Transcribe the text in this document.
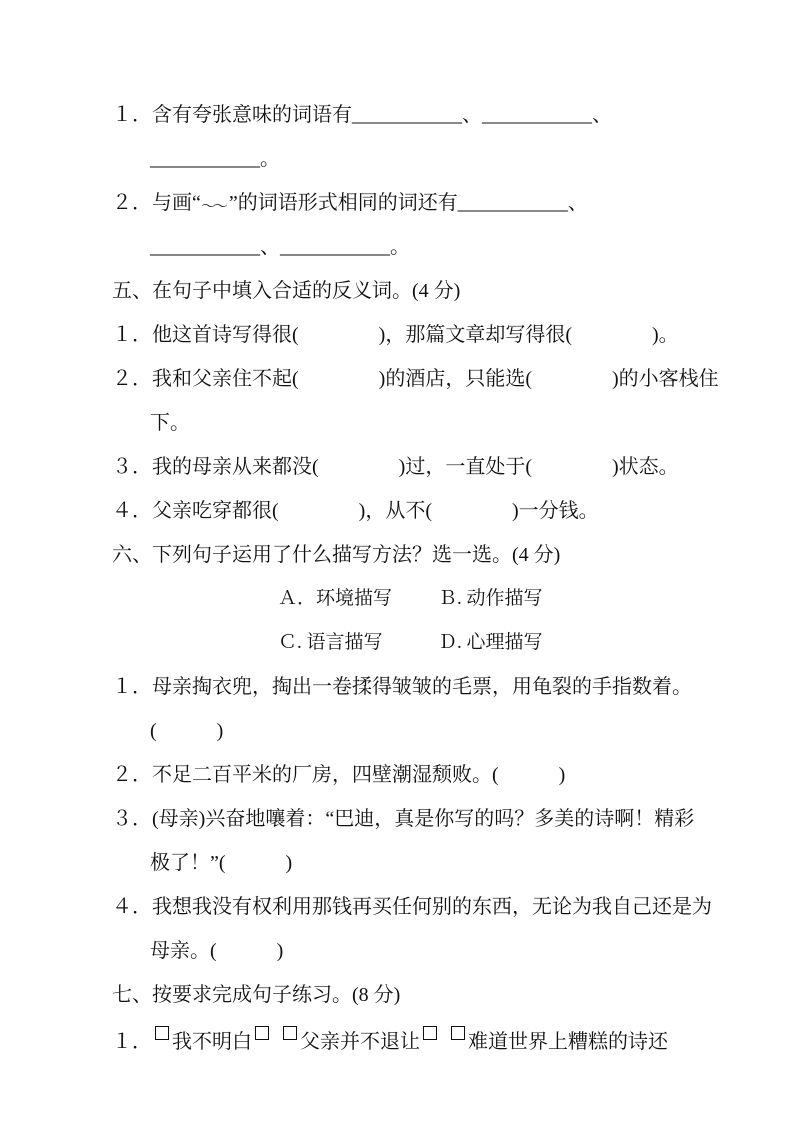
１．含有夸张意味的词语有___________、___________、
___________。
２．与画“～～ ”的词语形式相同的词还有___________、
___________、___________。
五、在句子中填入合适的反义词。(4 分)
１．他这首诗写得很(　　　　)，那篇文章却写得很(　　　　)。
２．我和父亲住不起(　　　　)的酒店，只能选(　　　　)的小客栈住
下。
３．我的母亲从来都没(　　　　)过，一直处于(　　　　)状态。
４．父亲吃穿都很(　　　　)，从不(　　　　)一分钱。
六、下列句子运用了什么描写方法？选一选。(4 分)
Ａ．环境描写 Ｂ. 动作描写
Ｃ. 语言描写	Ｄ. 心理描写
１．母亲掏衣兜，掏出一卷揉得皱皱的毛票，用龟裂的手指数着。
(　　　)
２．不足二百平米的厂房，四壁潮湿颓败。(　　　)
３．(母亲)兴奋地嚷着：“巴迪，真是你写的吗？多美的诗啊！精彩
极了！”(　　　)
４．我想我没有权利用那钱再买任何别的东西，无论为我自己还是为
母亲。(　　　)
七、按要求完成句子练习。(8 分)
１． 我不明白 父亲并不退让 难道世界上糟糕的诗还
